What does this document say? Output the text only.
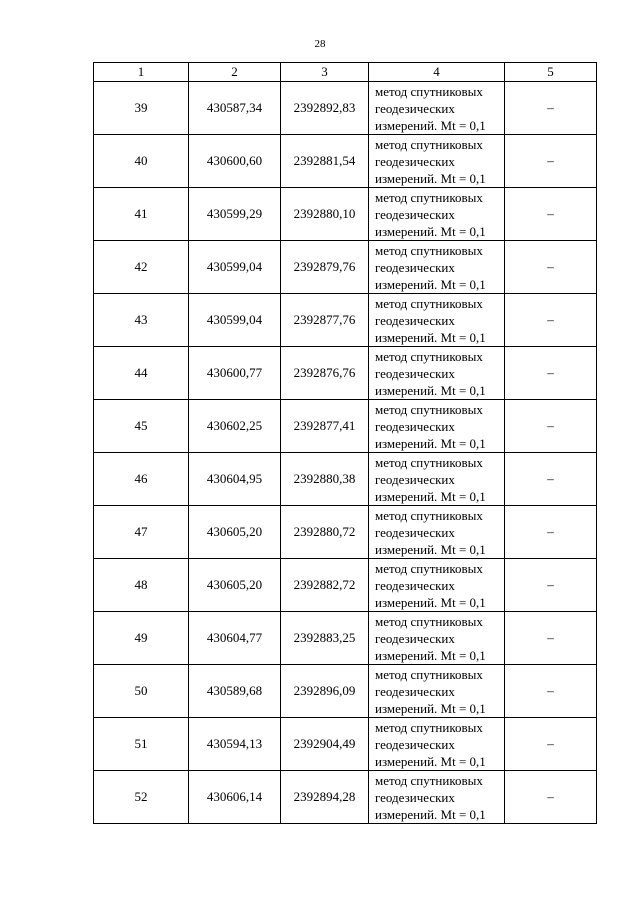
28
1	2	3	4	5
39	430587,34	2392892,83	метод спутниковых
геодезических
измерений. Mt = 0,1	–
40	430600,60	2392881,54	метод спутниковых
геодезических
измерений. Mt = 0,1	–
41	430599,29	2392880,10	метод спутниковых
геодезических
измерений. Mt = 0,1	–
42	430599,04	2392879,76	метод спутниковых
геодезических
измерений. Mt = 0,1	–
43	430599,04	2392877,76	метод спутниковых
геодезических
измерений. Mt = 0,1	–
44	430600,77	2392876,76	метод спутниковых
геодезических
измерений. Mt = 0,1	–
45	430602,25	2392877,41	метод спутниковых
геодезических
измерений. Mt = 0,1	–
46	430604,95	2392880,38	метод спутниковых
геодезических
измерений. Mt = 0,1	–
47	430605,20	2392880,72	метод спутниковых
геодезических
измерений. Mt = 0,1	–
48	430605,20	2392882,72	метод спутниковых
геодезических
измерений. Mt = 0,1	–
49	430604,77	2392883,25	метод спутниковых
геодезических
измерений. Mt = 0,1	–
50	430589,68	2392896,09	метод спутниковых
геодезических
измерений. Mt = 0,1	–
51	430594,13	2392904,49	метод спутниковых
геодезических
измерений. Mt = 0,1	–
52	430606,14	2392894,28	метод спутниковых
геодезических
измерений. Mt = 0,1	–
